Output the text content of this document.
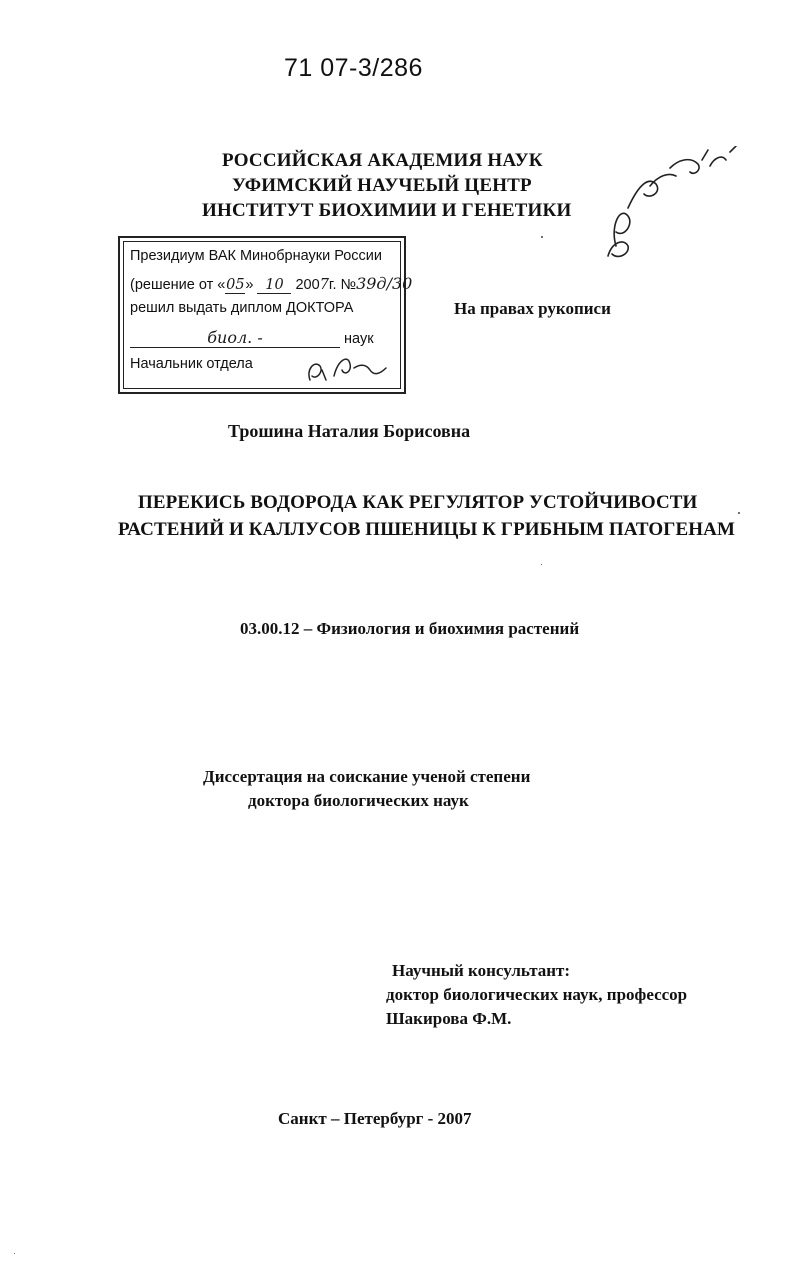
71 07-3/286
РОССИЙСКАЯ АКАДЕМИЯ НАУК
УФИМСКИЙ НАУЧЕЫЙ ЦЕНТР
ИНСТИТУТ БИОХИМИИ И ГЕНЕТИКИ
Президиум ВАК Минобрнауки России
(решение от «05» 10 2007г. №39д/30
решил выдать диплом ДОКТОРА
биол. -	наук
Начальник отдела
На правах рукописи
Трошина Наталия Борисовна
ПЕРЕКИСЬ ВОДОРОДА КАК РЕГУЛЯТОР УСТОЙЧИВОСТИ
РАСТЕНИЙ И КАЛЛУСОВ ПШЕНИЦЫ К ГРИБНЫМ ПАТОГЕНАМ
03.00.12 – Физиология и биохимия растений
Диссертация на соискание ученой степени
доктора биологических наук
Научный консультант:
доктор биологических наук, профессор
Шакирова Ф.М.
Санкт – Петербург - 2007
